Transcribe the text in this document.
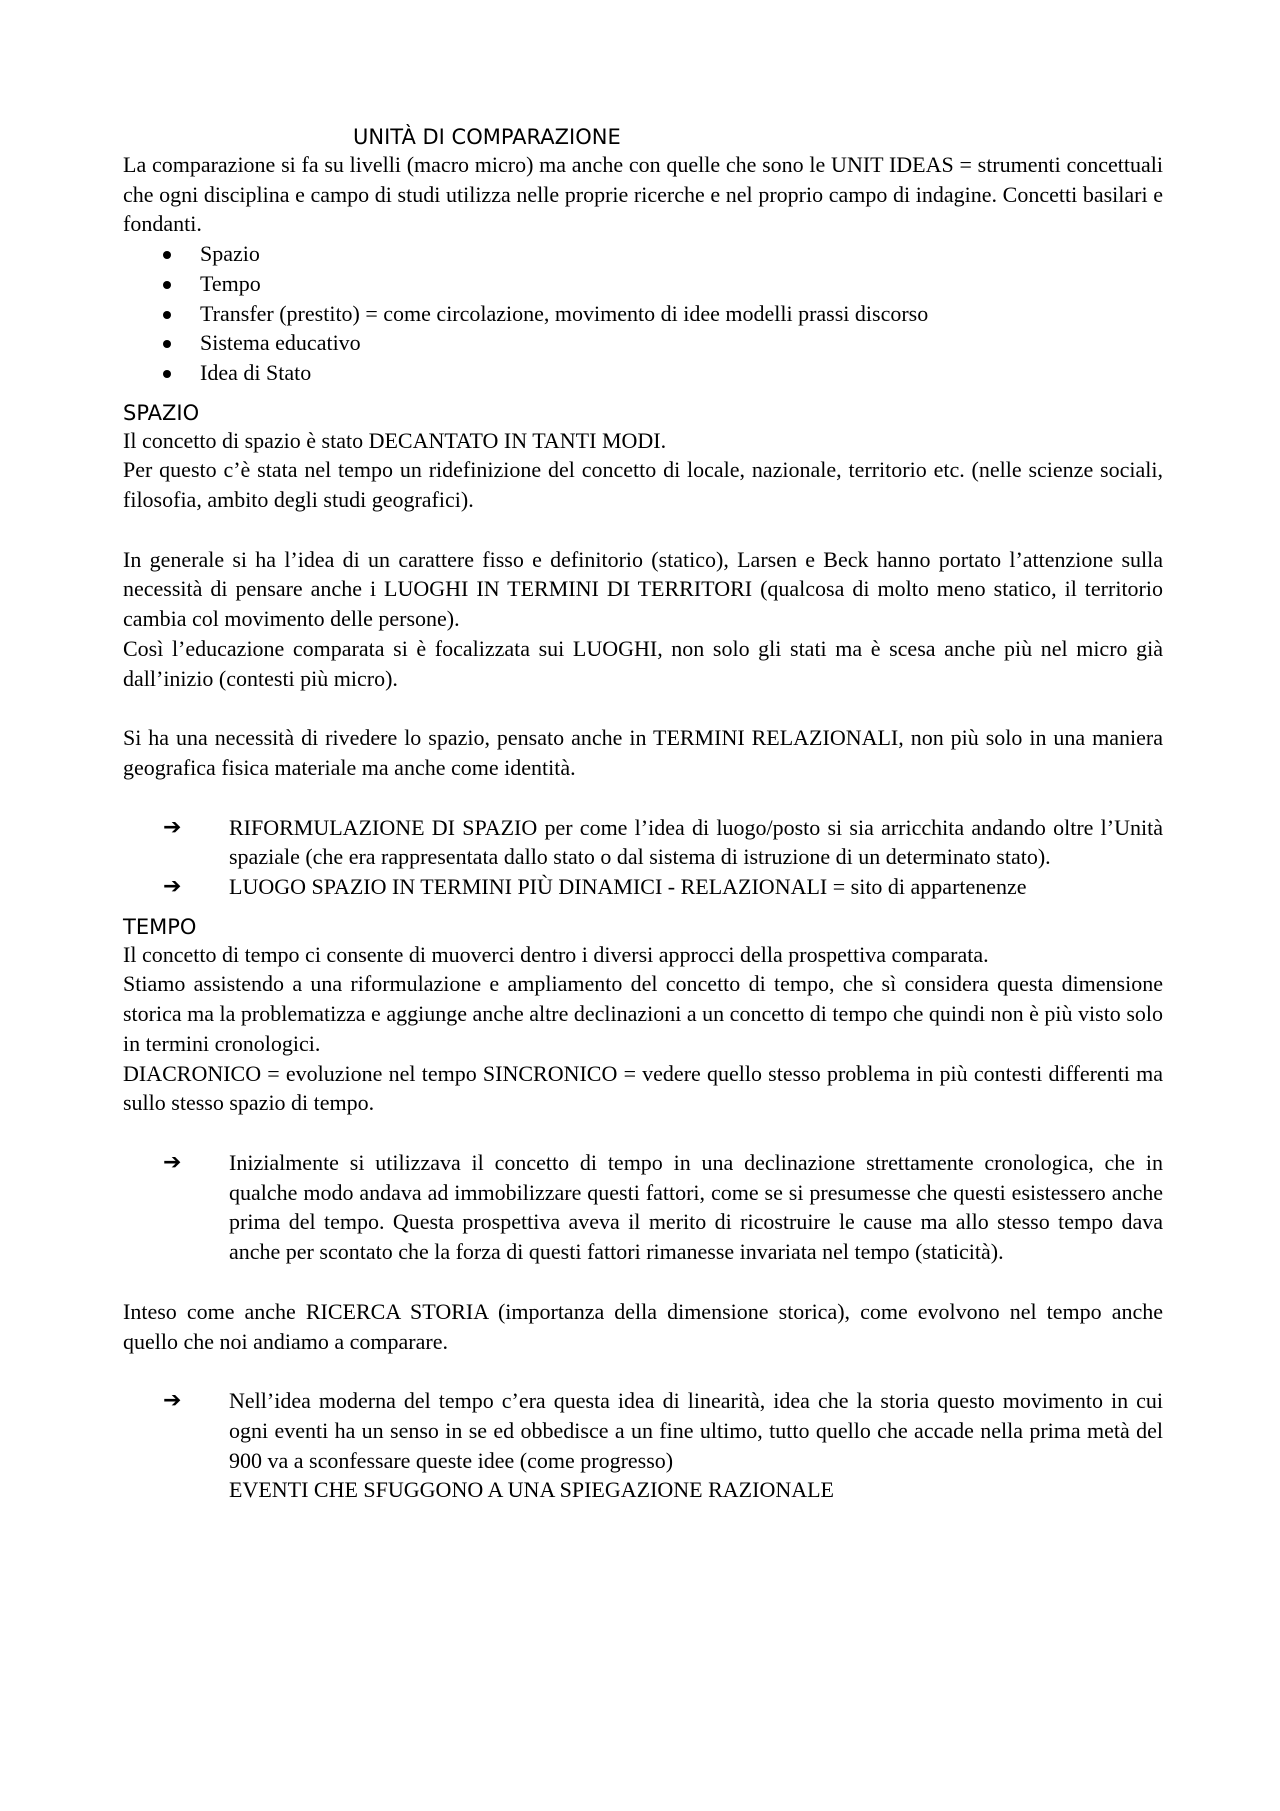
UNITÀ DI COMPARAZIONE

La comparazione si fa su livelli (macro micro) ma anche con quelle che sono le UNIT IDEAS = strumenti concettuali che ogni disciplina e campo di studi utilizza nelle proprie ricerche e nel proprio campo di indagine. Concetti basilari e fondanti.

Spazio
Tempo
Transfer (prestito) = come circolazione, movimento di idee modelli prassi discorso
Sistema educativo
Idea di Stato
SPAZIO

Il concetto di spazio è stato DECANTATO IN TANTI MODI.

Per questo c’è stata nel tempo un ridefinizione del concetto di locale, nazionale, territorio etc. (nelle scienze sociali, filosofia, ambito degli studi geografici).

In generale si ha l’idea di un carattere fisso e definitorio (statico), Larsen e Beck hanno portato l’attenzione sulla necessità di pensare anche i LUOGHI IN TERMINI DI TERRITORI (qualcosa di molto meno statico, il territorio cambia col movimento delle persone).

Così l’educazione comparata si è focalizzata sui LUOGHI, non solo gli stati ma è scesa anche più nel micro già dall’inizio (contesti più micro).

Si ha una necessità di rivedere lo spazio, pensato anche in TERMINI RELAZIONALI, non più solo in una maniera geografica fisica materiale ma anche come identità.

➔ RIFORMULAZIONE DI SPAZIO per come l’idea di luogo/posto si sia arricchita andando oltre l’Unità spaziale (che era rappresentata dallo stato o dal sistema di istruzione di un determinato stato).
➔ LUOGO SPAZIO IN TERMINI PIÙ DINAMICI - RELAZIONALI = sito di appartenenze
TEMPO

Il concetto di tempo ci consente di muoverci dentro i diversi approcci della prospettiva comparata.

Stiamo assistendo a una riformulazione e ampliamento del concetto di tempo, che sì considera questa dimensione storica ma la problematizza e aggiunge anche altre declinazioni a un concetto di tempo che quindi non è più visto solo in termini cronologici.

DIACRONICO = evoluzione nel tempo SINCRONICO = vedere quello stesso problema in più contesti differenti ma sullo stesso spazio di tempo.

➔ Inizialmente si utilizzava il concetto di tempo in una declinazione strettamente cronologica, che in qualche modo andava ad immobilizzare questi fattori, come se si presumesse che questi esistessero anche prima del tempo. Questa prospettiva aveva il merito di ricostruire le cause ma allo stesso tempo dava anche per scontato che la forza di questi fattori rimanesse invariata nel tempo (staticità).

Inteso come anche RICERCA STORIA (importanza della dimensione storica), come evolvono nel tempo anche quello che noi andiamo a comparare.

➔ Nell’idea moderna del tempo c’era questa idea di linearità, idea che la storia questo movimento in cui ogni eventi ha un senso in se ed obbedisce a un fine ultimo, tutto quello che accade nella prima metà del 900 va a sconfessare queste idee (come progresso)
EVENTI CHE SFUGGONO A UNA SPIEGAZIONE RAZIONALE
